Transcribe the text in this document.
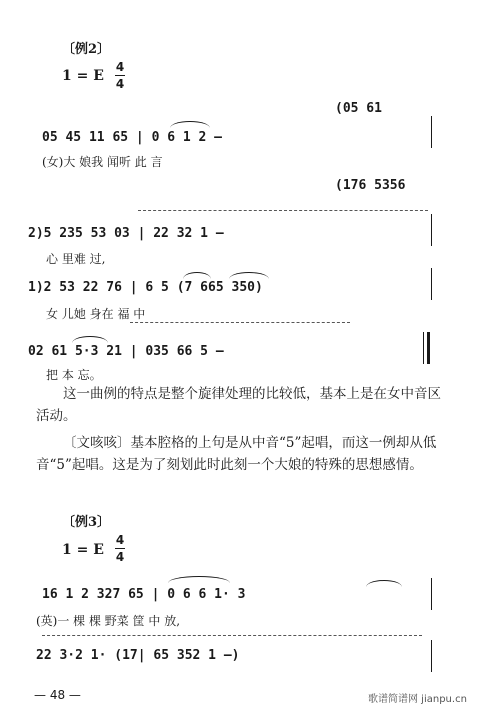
〔例2〕
1 = E
4
4
(05 61
05 45 11 65 | 0 6 1 2 —
(女)大 娘我 闻听 此 言
(176 5356
2)5 235 53 03 | 22 32 1 —
心 里难 过,
1)2 53 22 76 | 6 5 (7 665 350)
女 儿她 身在 福 中
02 61 5·3 21 | 035 66 5 —
把 本 忘。
这一曲例的特点是整个旋律处理的比较低，基本上是在女中音区活动。
〔文咳咳〕基本腔格的上句是从中音“5”起唱，而这一例却从低音“5”起唱。这是为了刻划此时此刻一个大娘的特殊的思想感情。
〔例3〕
1 = E
4
4
16 1 2 327 65 | 0 6 6 1· 3
(英)一 棵 棵 野菜 筐 中 放,
22 3·2 1· (17| 65 352 1 —)
— 48 —	歌谱简谱网 jianpu.cn
